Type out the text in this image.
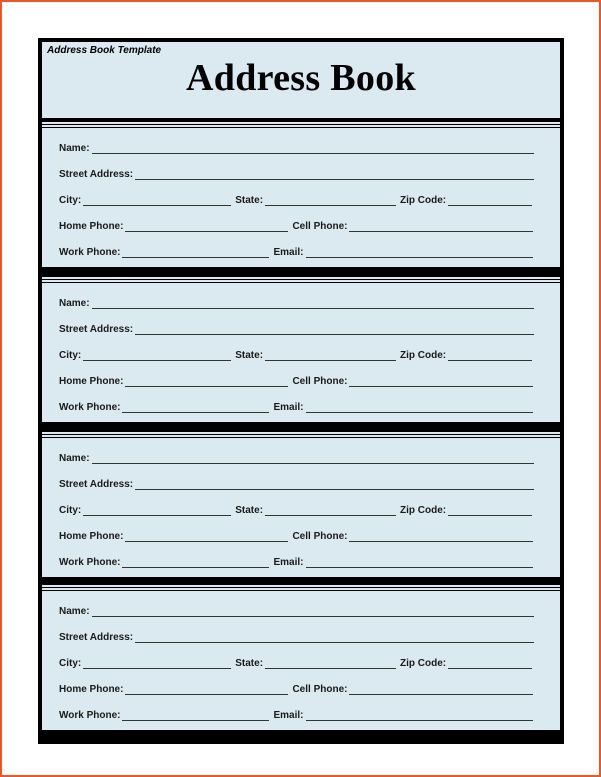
Address Book Template
Address Book
Name:
Street Address:
City:	State:	Zip Code:
Home Phone:	Cell Phone:
Work Phone:	Email:
Name:
Street Address:
City:	State:	Zip Code:
Home Phone:	Cell Phone:
Work Phone:	Email:
Name:
Street Address:
City:	State:	Zip Code:
Home Phone:	Cell Phone:
Work Phone:	Email:
Name:
Street Address:
City:	State:	Zip Code:
Home Phone:	Cell Phone:
Work Phone:	Email:
